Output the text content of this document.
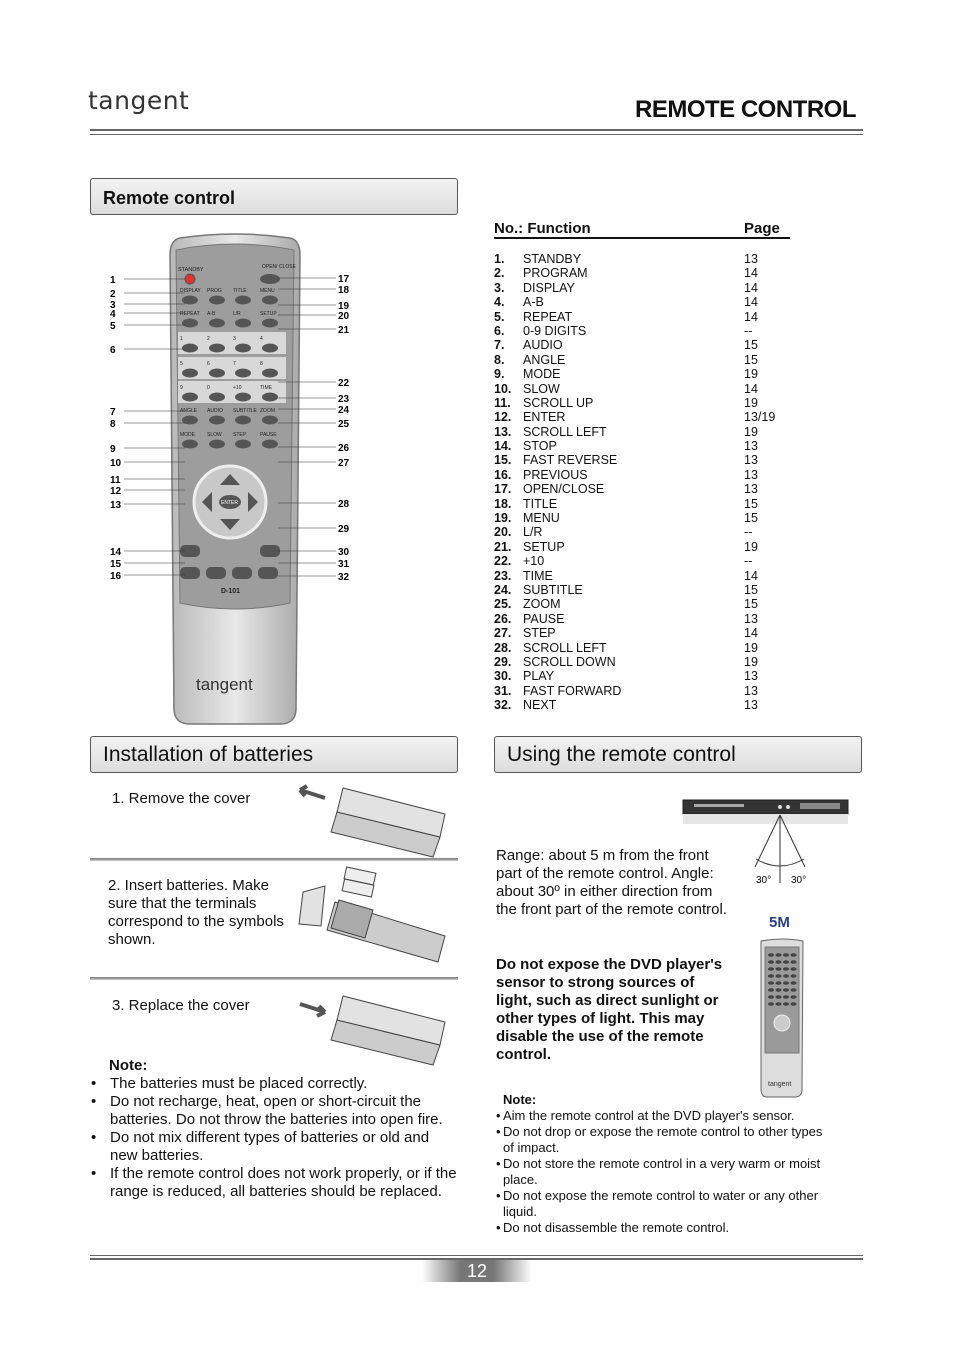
tangent	REMOTE CONTROL
Remote control
STANDBY	OPEN/ CLOSE
DISPLAY PROG TITLE	MENU
REPEAT A-B	L/R	SETUP
1	2	3	4
5	6	7	8
9	0	+10	TIME
ANGLE AUDIO SUBTITLE ZOOM
MODE SLOW STEP	PAUSE
ENTER
D-101
tangent
1
2
3
4
5
6
7
8
9
10
11
12
13
14
15
16
17
18
19
20
21
22
23
24
25
26
27
28
29
30
31
32
No.: Function	Page
1. STANDBY	13
2. PROGRAM	14
3. DISPLAY	14
4. A-B	14
5. REPEAT	14
6. 0-9 DIGITS	--
7. AUDIO	15
8. ANGLE	15
9. MODE	19
10. SLOW	14
11. SCROLL UP	19
12. ENTER	13/19
13. SCROLL LEFT	19
14. STOP	13
15. FAST REVERSE	13
16. PREVIOUS	13
17. OPEN/CLOSE	13
18. TITLE	15
19. MENU	15
20. L/R	--
21. SETUP	19
22. +10	--
23. TIME	14
24. SUBTITLE	15
25. ZOOM	15
26. PAUSE	13
27. STEP	14
28. SCROLL LEFT	19
29. SCROLL DOWN	19
30. PLAY	13
31. FAST FORWARD	13
32. NEXT	13
Installation of batteries	Using the remote control
1. Remove the cover
2. Insert batteries. Make sure that the terminals correspond to the symbols shown.
3. Replace the cover
Note:
• The batteries must be placed correctly.
• Do not recharge, heat, open or short-circuit the batteries. Do not throw the batteries into open fire.
• Do not mix different types of batteries or old and new batteries.
• If the remote control does not work properly, or if the range is reduced, all batteries should be replaced.
30° 30°
5M
Range: about 5 m from the front part of the remote control. Angle: about 30º in either direction from the front part of the remote control.
Do not expose the DVD player's sensor to strong sources of light, such as direct sunlight or other types of light. This may disable the use of the remote control.
tangent
Note:
• Aim the remote control at the DVD player's sensor.
• Do not drop or expose the remote control to other types of impact.
• Do not store the remote control in a very warm or moist place.
• Do not expose the remote control to water or any other liquid.
• Do not disassemble the remote control.
12
